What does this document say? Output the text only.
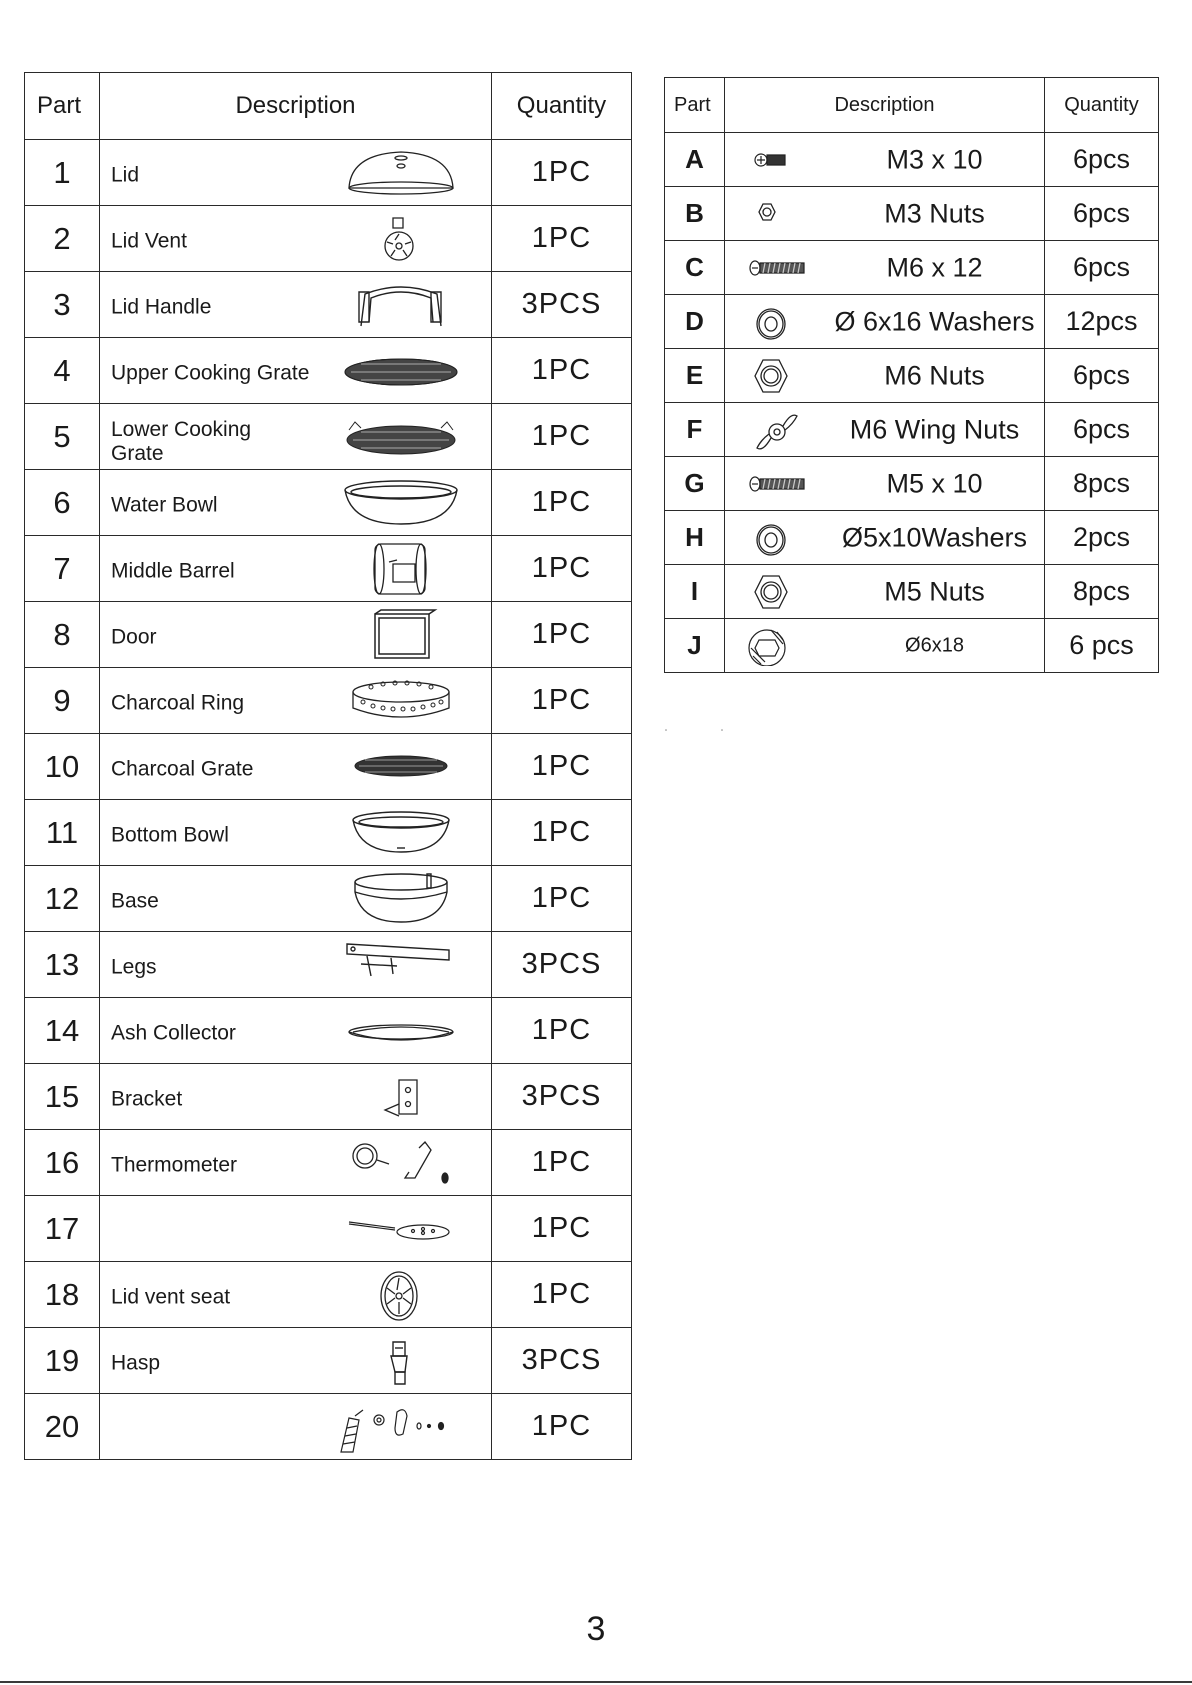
Part	Description	Quantity
1	Lid	1PC
2	Lid Vent	1PC
3	Lid Handle	3PCS
4	Upper Cooking Grate	1PC
5	Lower Cooking
Grate	1PC
6	Water Bowl	1PC
7	Middle Barrel	1PC
8	Door	1PC
9	Charcoal Ring	1PC
10	Charcoal Grate	1PC
11	Bottom Bowl	1PC
12	Base	1PC
13	Legs	3PCS
14	Ash Collector	1PC
15	Bracket	3PCS
16	Thermometer	1PC
17		1PC
18	Lid vent seat	1PC
19	Hasp	3PCS
20		1PC
Part	Description	Quantity
A	M3 x 10	6pcs
B	M3 Nuts	6pcs
C	M6 x 12	6pcs
D	Ø 6x16 Washers	12pcs
E	M6 Nuts	6pcs
F	M6 Wing Nuts	6pcs
G	M5 x 10	8pcs
H	Ø5x10Washers	2pcs
I	M5 Nuts	8pcs
J	Ø6x18	6 pcs
3
